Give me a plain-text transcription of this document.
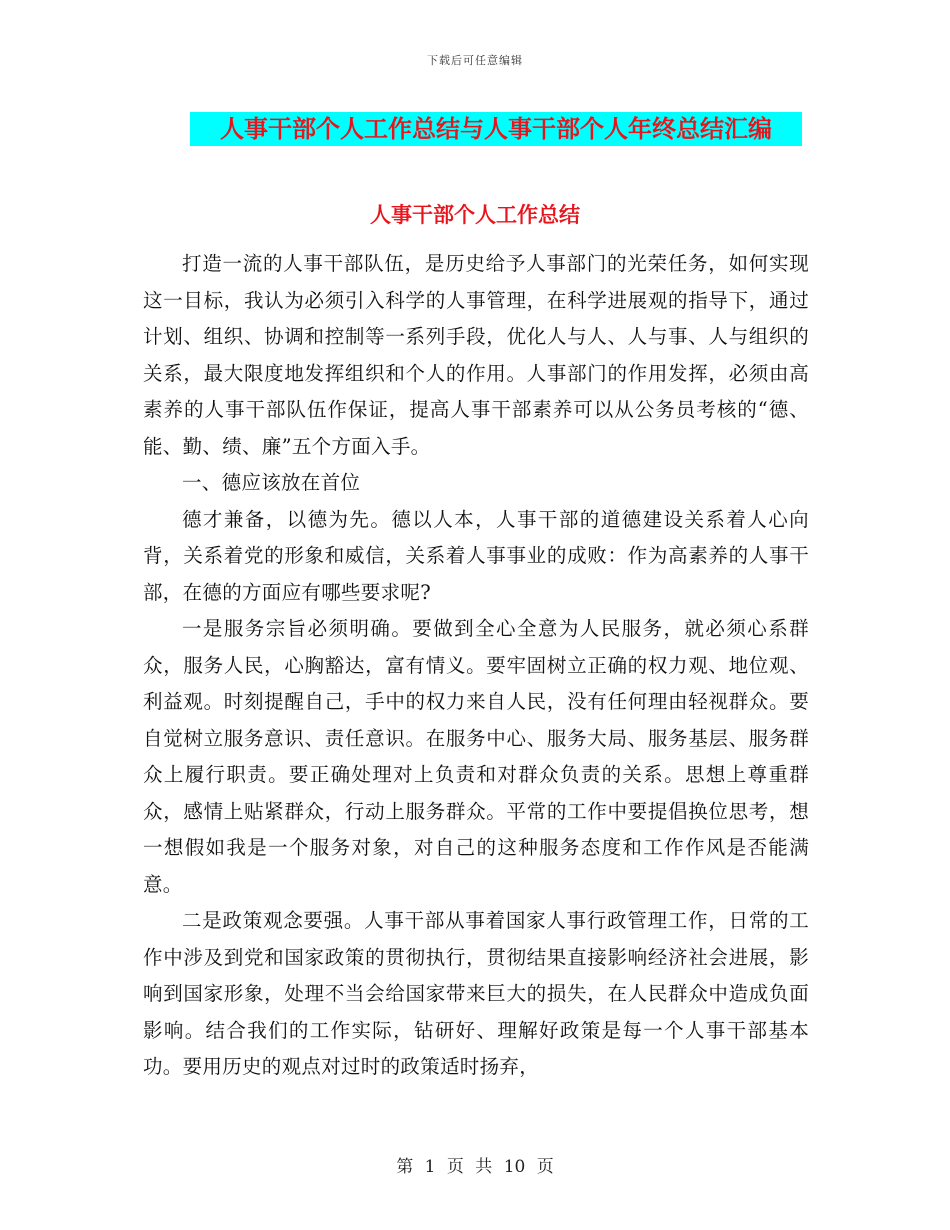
下载后可任意编辑
人事干部个人工作总结与人事干部个人年终总结汇编
人事干部个人工作总结

打造一流的人事干部队伍，是历史给予人事部门的光荣任务，如何实现这一目标，我认为必须引入科学的人事管理，在科学进展观的指导下，通过计划、组织、协调和控制等一系列手段，优化人与人、人与事、人与组织的关系，最大限度地发挥组织和个人的作用。人事部门的作用发挥，必须由高素养的人事干部队伍作保证，提高人事干部素养可以从公务员考核的“德、能、勤、绩、廉”五个方面入手。

一、德应该放在首位

德才兼备，以德为先。德以人本，人事干部的道德建设关系着人心向背，关系着党的形象和威信，关系着人事事业的成败：作为高素养的人事干部，在德的方面应有哪些要求呢?

一是服务宗旨必须明确。要做到全心全意为人民服务，就必须心系群众，服务人民，心胸豁达，富有情义。要牢固树立正确的权力观、地位观、利益观。时刻提醒自己，手中的权力来自人民，没有任何理由轻视群众。要自觉树立服务意识、责任意识。在服务中心、服务大局、服务基层、服务群众上履行职责。要正确处理对上负责和对群众负责的关系。思想上尊重群众，感情上贴紧群众，行动上服务群众。平常的工作中要提倡换位思考，想一想假如我是一个服务对象，对自己的这种服务态度和工作作风是否能满意。

二是政策观念要强。人事干部从事着国家人事行政管理工作，日常的工作中涉及到党和国家政策的贯彻执行，贯彻结果直接影响经济社会进展，影响到国家形象，处理不当会给国家带来巨大的损失，在人民群众中造成负面影响。结合我们的工作实际，钻研好、理解好政策是每一个人事干部基本功。要用历史的观点对过时的政策适时扬弃，

第 1 页 共 10 页
